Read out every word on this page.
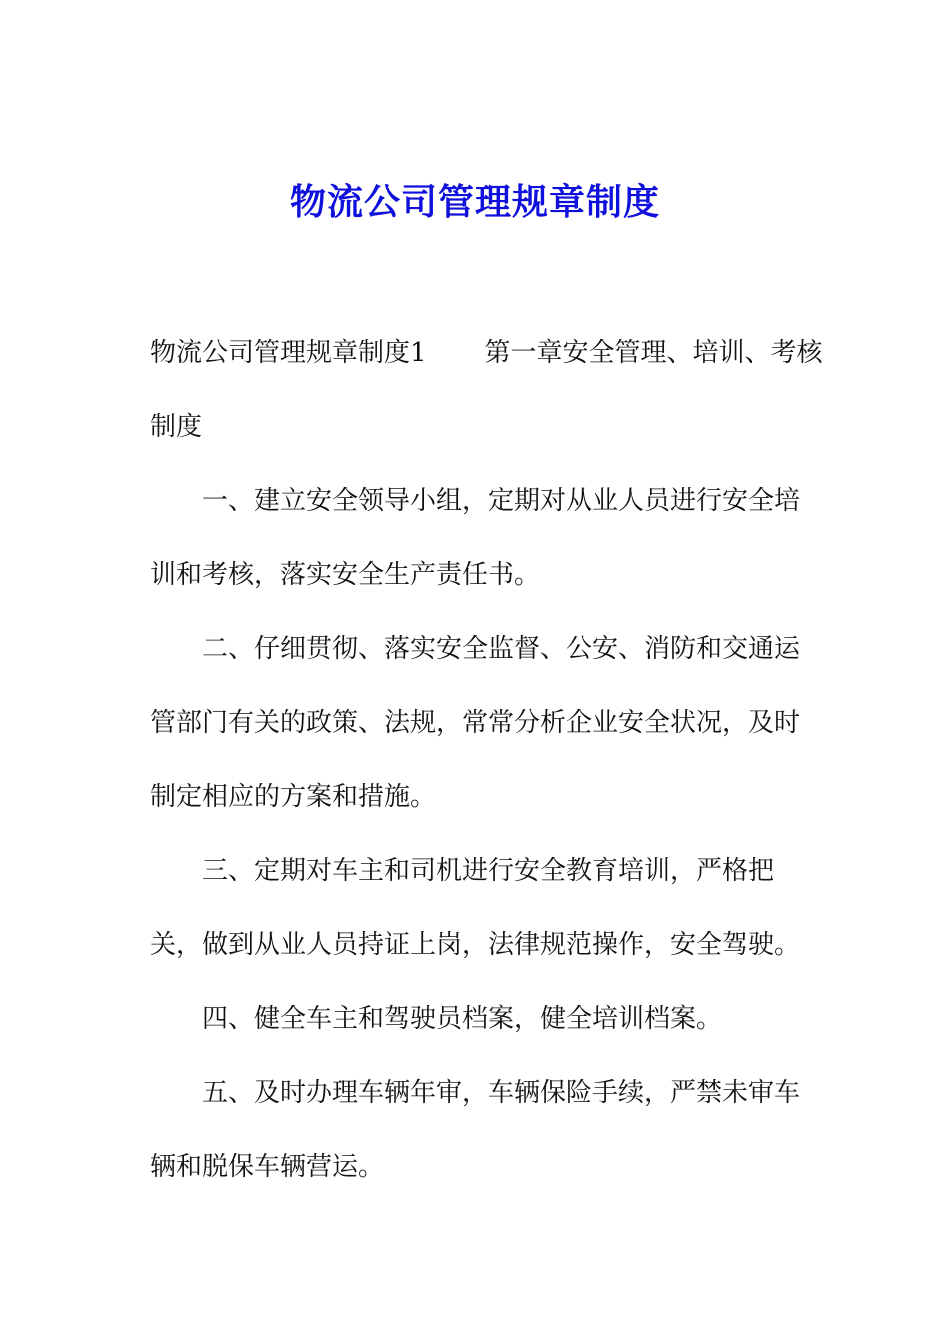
物流公司管理规章制度
物流公司管理规章制度1 第一章安全管理、培训、考核
制度
一、建立安全领导小组，定期对从业人员进行安全培
训和考核，落实安全生产责任书。
二、仔细贯彻、落实安全监督、公安、消防和交通运
管部门有关的政策、法规，常常分析企业安全状况，及时
制定相应的方案和措施。
三、定期对车主和司机进行安全教育培训，严格把
关，做到从业人员持证上岗，法律规范操作，安全驾驶。
四、健全车主和驾驶员档案，健全培训档案。
五、及时办理车辆年审，车辆保险手续，严禁未审车
辆和脱保车辆营运。
